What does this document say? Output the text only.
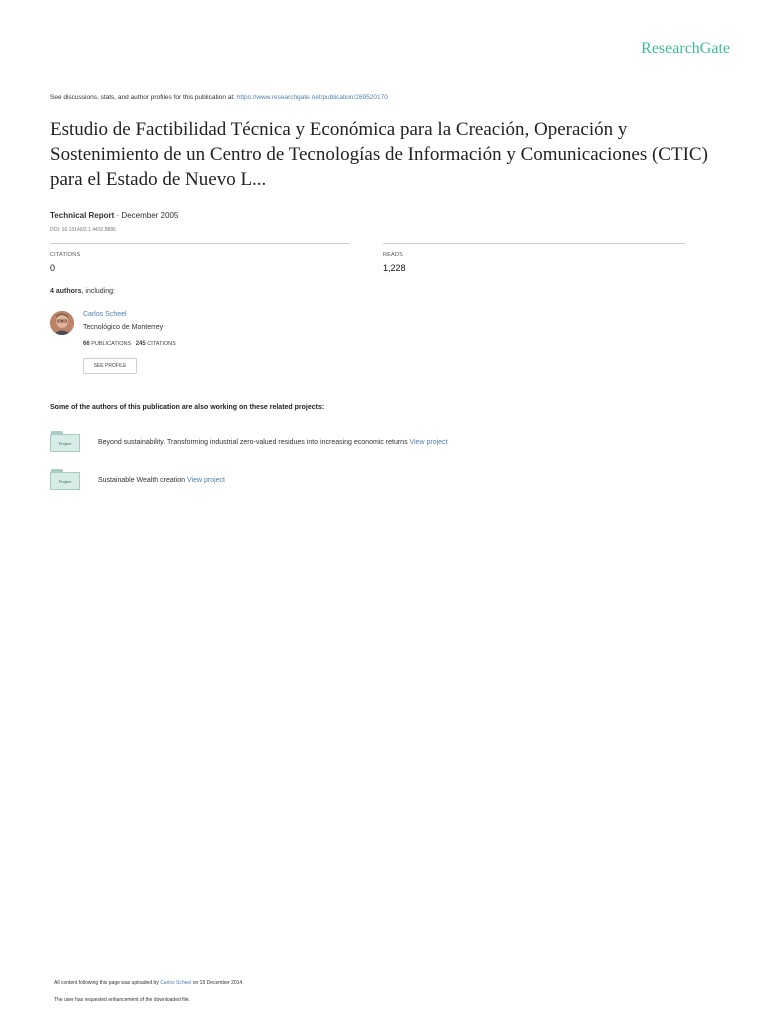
ResearchGate
See discussions, stats, and author profiles for this publication at: https://www.researchgate.net/publication/269520170
Estudio de Factibilidad Técnica y Económica para la Creación, Operación y Sostenimiento de un Centro de Tecnologías de Información y Comunicaciones (CTIC) para el Estado de Nuevo L...
Technical Report · December 2005
DOI: 10.13140/2.1.4432.8886
CITATIONS
0
READS
1,228
4 authors, including:
Carlos Scheel
Tecnológico de Monterrey
66 PUBLICATIONS 245 CITATIONS
SEE PROFILE
Some of the authors of this publication are also working on these related projects:
Project	Beyond sustainability. Transforming industrial zero-valued residues into increasing economic returns View project
Project	Sustainable Wealth creation View project
All content following this page was uploaded by Carlos Scheel on 15 December 2014.
The user has requested enhancement of the downloaded file.
